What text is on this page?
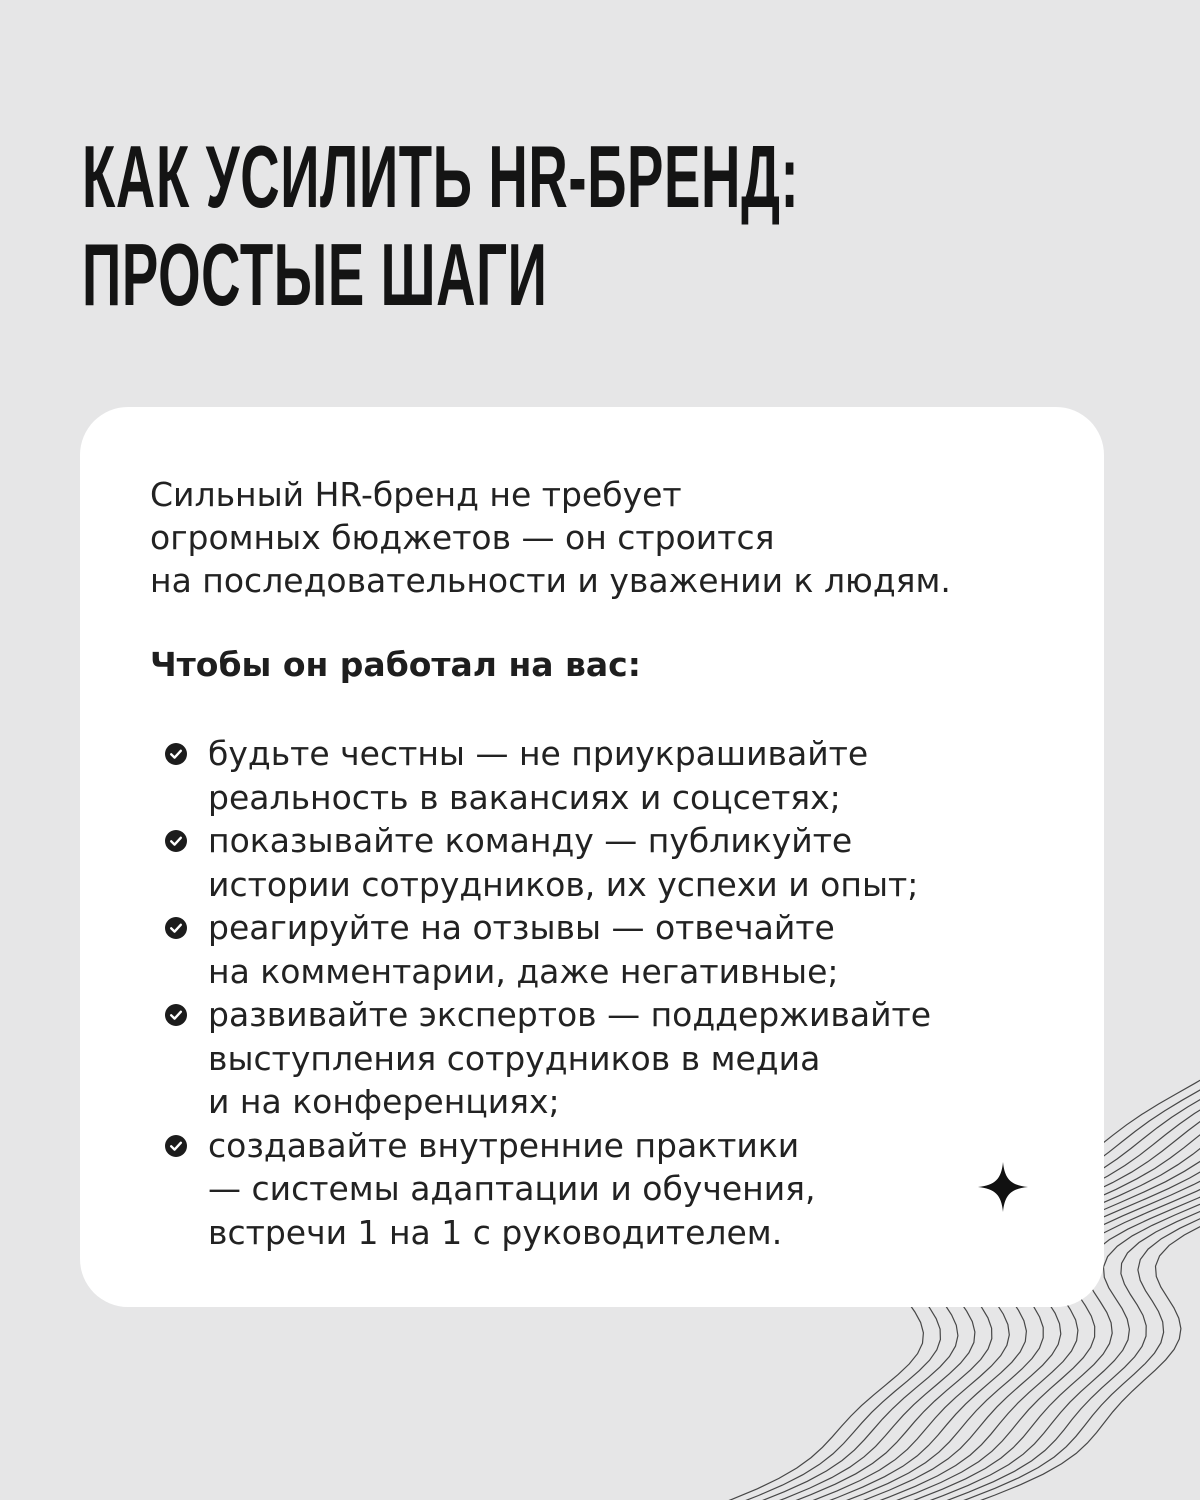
КАК УСИЛИТЬ HR-БРЕНД:
ПРОСТЫЕ ШАГИ

Сильный HR-бренд не требует
огромных бюджетов — он строится
на последовательности и уважении к людям.

Чтобы он работал на вас:

будьте честны — не приукрашивайте
реальность в вакансиях и соцсетях;
показывайте команду — публикуйте
истории сотрудников, их успехи и опыт;
реагируйте на отзывы — отвечайте
на комментарии, даже негативные;
развивайте экспертов — поддерживайте
выступления сотрудников в медиа
и на конференциях;
создавайте внутренние практики
— системы адаптации и обучения,
встречи 1 на 1 с руководителем.
